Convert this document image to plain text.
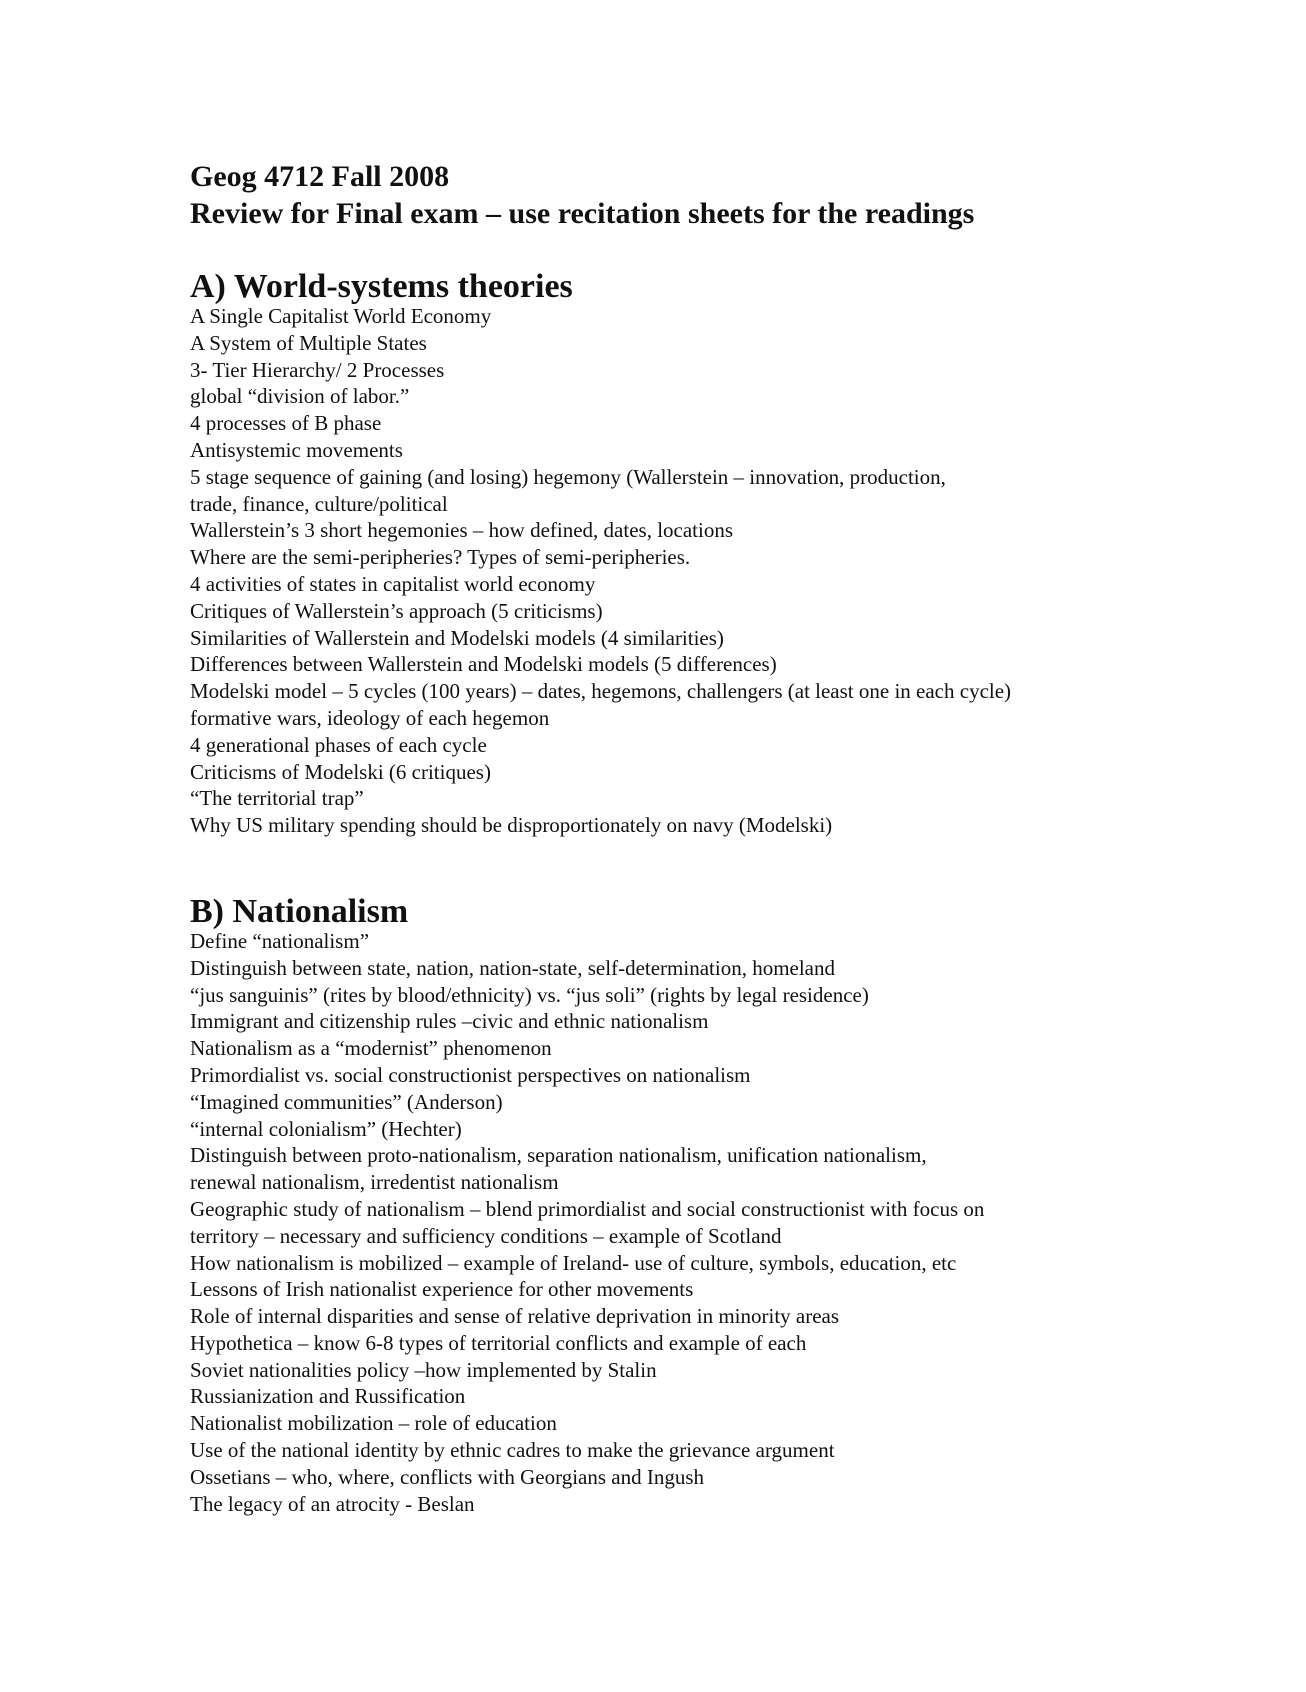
Geog 4712 Fall 2008
Review for Final exam – use recitation sheets for the readings
A) World-systems theories
A Single Capitalist World Economy
A System of Multiple States
3- Tier Hierarchy/ 2 Processes
global “division of labor.”
4 processes of B phase
Antisystemic movements
5 stage sequence of gaining (and losing) hegemony (Wallerstein – innovation, production,
trade, finance, culture/political
Wallerstein’s 3 short hegemonies – how defined, dates, locations
Where are the semi-peripheries? Types of semi-peripheries.
4 activities of states in capitalist world economy
Critiques of Wallerstein’s approach (5 criticisms)
Similarities of Wallerstein and Modelski models (4 similarities)
Differences between Wallerstein and Modelski models (5 differences)
Modelski model – 5 cycles (100 years) – dates, hegemons, challengers (at least one in each cycle)
formative wars, ideology of each hegemon
4 generational phases of each cycle
Criticisms of Modelski (6 critiques)
“The territorial trap”
Why US military spending should be disproportionately on navy (Modelski)
B) Nationalism
Define “nationalism”
Distinguish between state, nation, nation-state, self-determination, homeland
“jus sanguinis” (rites by blood/ethnicity) vs. “jus soli” (rights by legal residence)
Immigrant and citizenship rules –civic and ethnic nationalism
Nationalism as a “modernist” phenomenon
Primordialist vs. social constructionist perspectives on nationalism
“Imagined communities” (Anderson)
“internal colonialism” (Hechter)
Distinguish between proto-nationalism, separation nationalism, unification nationalism,
renewal nationalism, irredentist nationalism
Geographic study of nationalism – blend primordialist and social constructionist with focus on
territory – necessary and sufficiency conditions – example of Scotland
How nationalism is mobilized – example of Ireland- use of culture, symbols, education, etc
Lessons of Irish nationalist experience for other movements
Role of internal disparities and sense of relative deprivation in minority areas
Hypothetica – know 6-8 types of territorial conflicts and example of each
Soviet nationalities policy –how implemented by Stalin
Russianization and Russification
Nationalist mobilization – role of education
Use of the national identity by ethnic cadres to make the grievance argument
Ossetians – who, where, conflicts with Georgians and Ingush
The legacy of an atrocity - Beslan
